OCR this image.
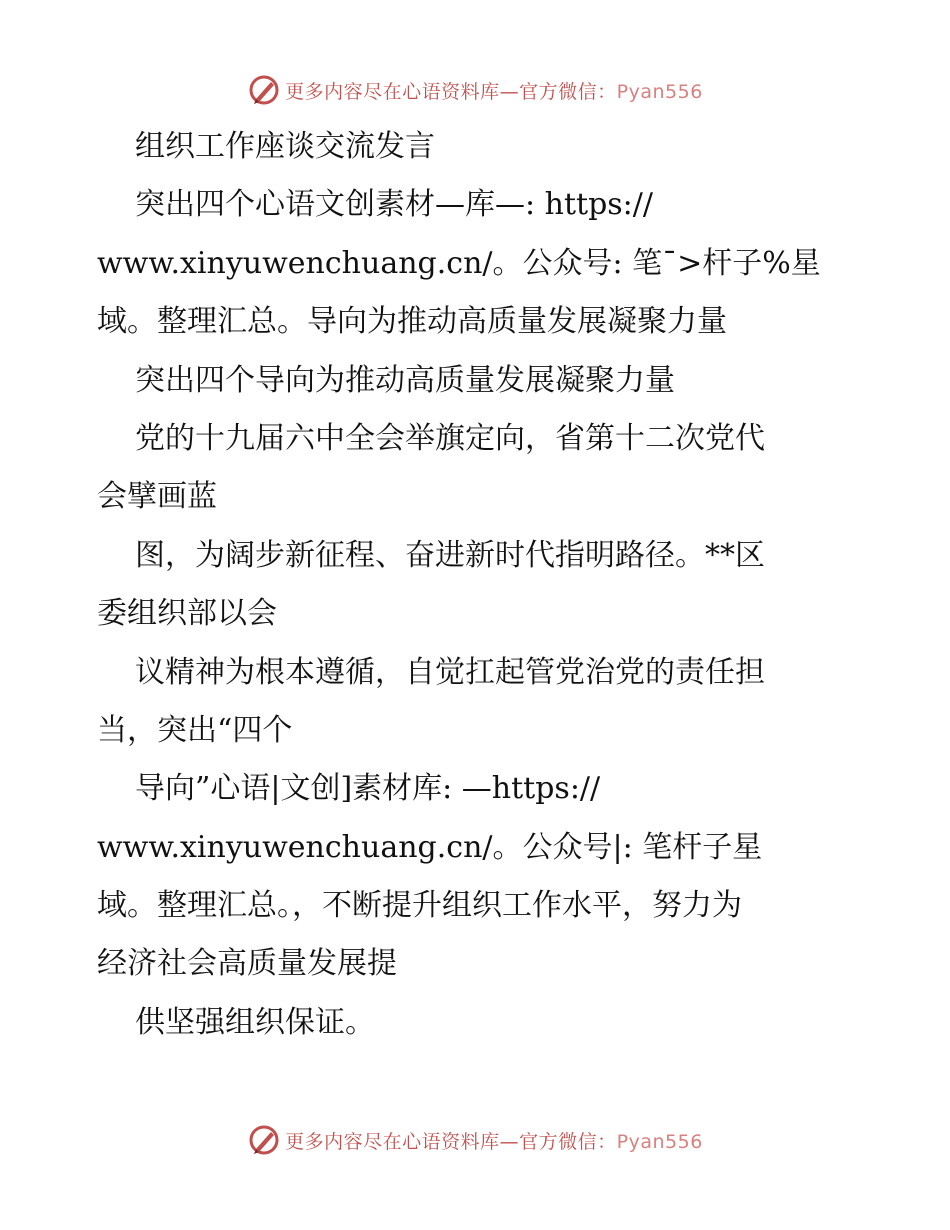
更多内容尽在心语资料库—官方微信：Pyan556
组织工作座谈交流发言
突出四个心语文创素材—库—: https://
www.xinyuwenchuang.cn/。公众号: 笔¯>杆子%星
域。整理汇总。导向为推动高质量发展凝聚力量
突出四个导向为推动高质量发展凝聚力量
党的十九届六中全会举旗定向，省第十二次党代
会擘画蓝
图，为阔步新征程、奋进新时代指明路径。**区
委组织部以会
议精神为根本遵循，自觉扛起管党治党的责任担
当，突出“四个
导向”心语|文创]素材库: —https://
www.xinyuwenchuang.cn/。公众号|: 笔杆子星
域。整理汇总。，不断提升组织工作水平，努力为
经济社会高质量发展提
供坚强组织保证。
更多内容尽在心语资料库—官方微信：Pyan556
